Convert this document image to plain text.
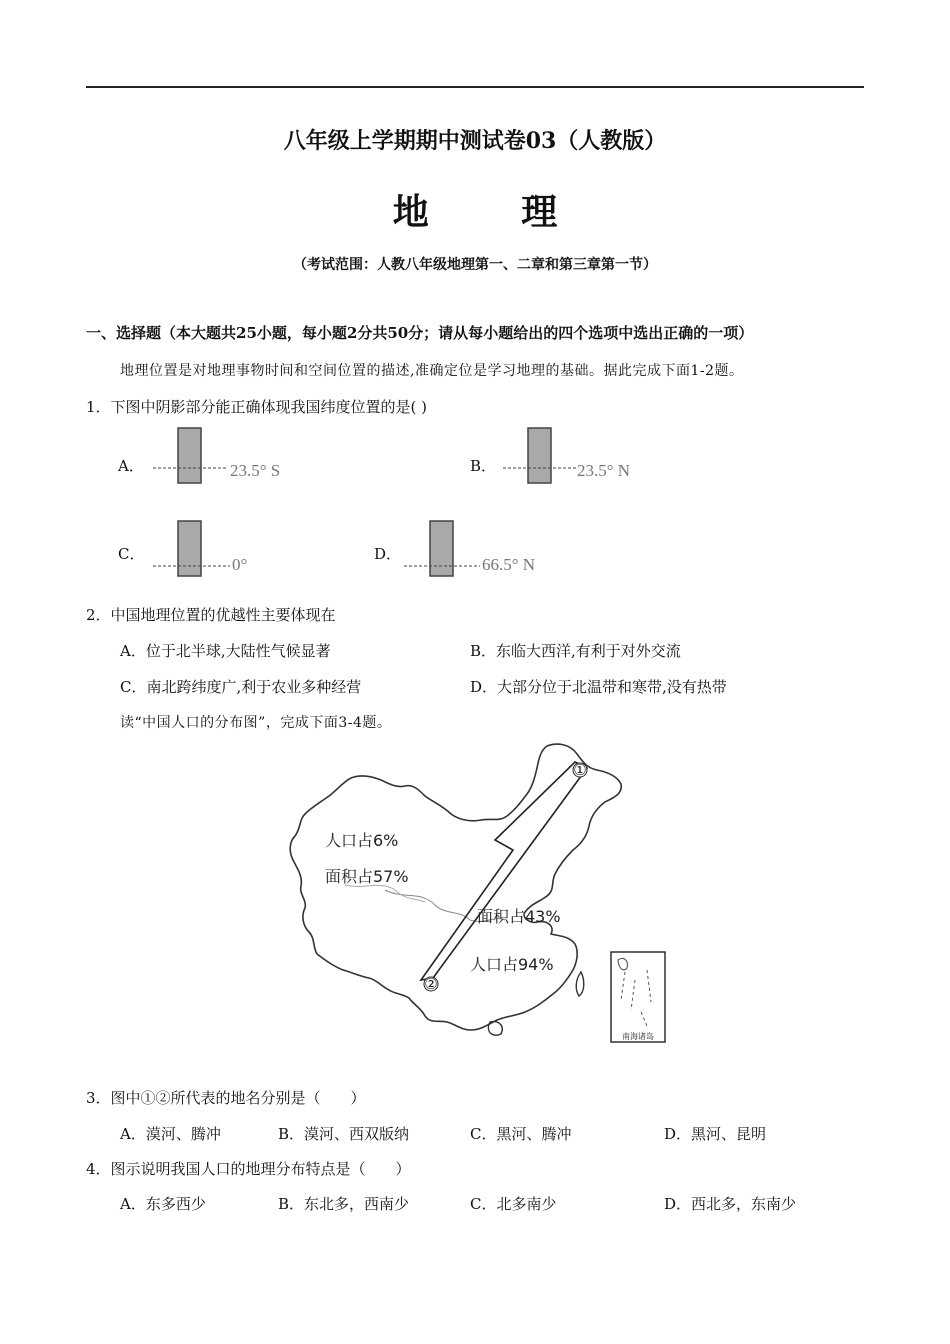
八年级上学期期中测试卷03（人教版）
地 理
（考试范围：人教八年级地理第一、二章和第三章第一节）
一、选择题（本大题共25小题，每小题2分共50分；请从每小题给出的四个选项中选出正确的一项）
地理位置是对地理事物时间和空间位置的描述,准确定位是学习地理的基础。据此完成下面1-2题。
1．下图中阴影部分能正确体现我国纬度位置的是( )
A．	23.5° S	B．	23.5° N
C．
0°
D．
66.5° N
2．中国地理位置的优越性主要体现在
A．位于北半球,大陆性气候显著	B．东临大西洋,有利于对外交流
C．南北跨纬度广,利于农业多种经营	D．大部分位于北温带和寒带,没有热带
读“中国人口的分布图”，完成下面3-4题。
①
②
人口占6%
面积占57%
面积占43%
人口占94%
南海诸岛
3．图中①②所代表的地名分别是（　　）
A．漠河、腾冲	B．漠河、西双版纳	C．黑河、腾冲	D．黑河、昆明
4．图示说明我国人口的地理分布特点是（　　）
A．东多西少	B．东北多，西南少	C．北多南少	D．西北多，东南少
